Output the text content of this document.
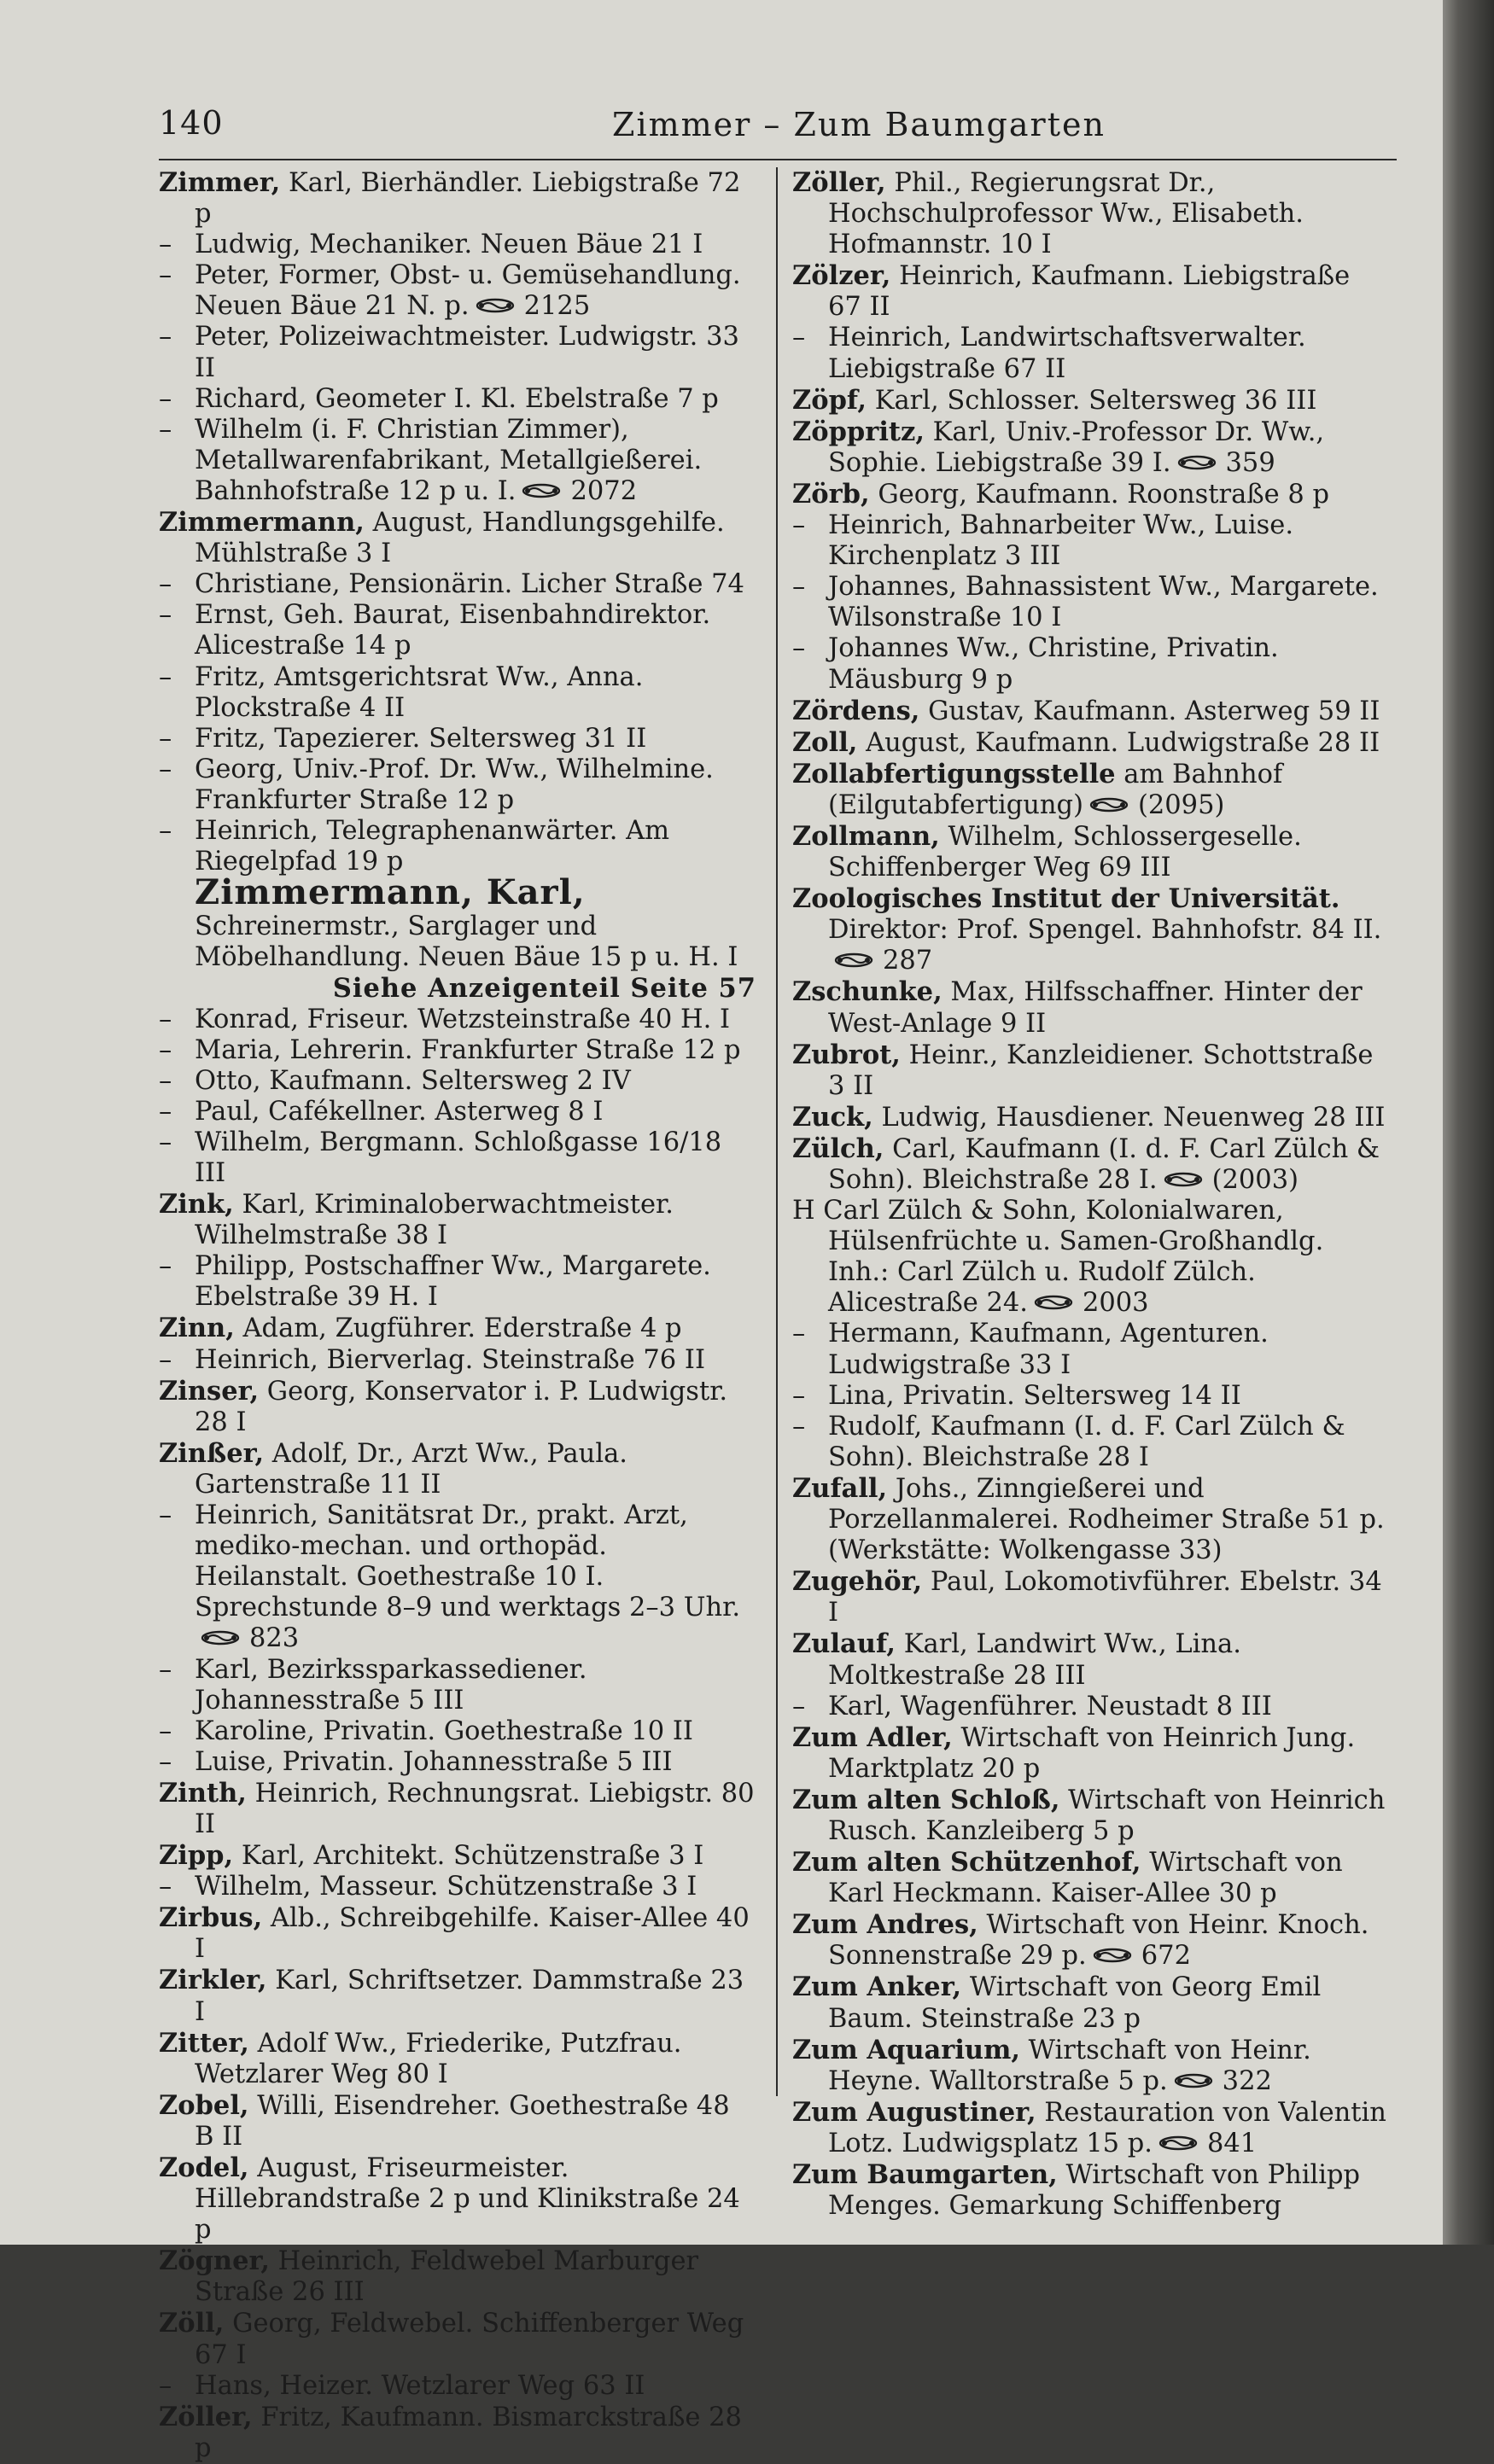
140	Zimmer – Zum Baumgarten

Zimmer, Karl, Bierhändler. Liebigstraße 72 p

– Ludwig, Mechaniker. Neuen Bäue 21 I

– Peter, Former, Obst- u. Gemüsehandlung. Neuen Bäue 21 N. p. 2125

– Peter, Polizeiwachtmeister. Ludwigstr. 33 II

– Richard, Geometer I. Kl. Ebelstraße 7 p

– Wilhelm (i. F. Christian Zimmer), Metallwarenfabrikant, Metallgießerei. Bahnhofstraße 12 p u. I. 2072

Zimmermann, August, Handlungsgehilfe. Mühlstraße 3 I

– Christiane, Pensionärin. Licher Straße 74

– Ernst, Geh. Baurat, Eisenbahndirektor. Alicestraße 14 p

– Fritz, Amtsgerichtsrat Ww., Anna. Plockstraße 4 II

– Fritz, Tapezierer. Seltersweg 31 II

– Georg, Univ.-Prof. Dr. Ww., Wilhelmine. Frankfurter Straße 12 p

– Heinrich, Telegraphenanwärter. Am Riegelpfad 19 p

Zimmermann, Karl, Schreinermstr., Sarglager und Möbelhandlung. Neuen Bäue 15 p u. H. I
Siehe Anzeigenteil Seite 57

– Konrad, Friseur. Wetzsteinstraße 40 H. I

– Maria, Lehrerin. Frankfurter Straße 12 p

– Otto, Kaufmann. Seltersweg 2 IV

– Paul, Cafékellner. Asterweg 8 I

– Wilhelm, Bergmann. Schloßgasse 16/18 III

Zink, Karl, Kriminaloberwachtmeister. Wilhelmstraße 38 I

– Philipp, Postschaffner Ww., Margarete. Ebelstraße 39 H. I

Zinn, Adam, Zugführer. Ederstraße 4 p

– Heinrich, Bierverlag. Steinstraße 76 II

Zinser, Georg, Konservator i. P. Ludwigstr. 28 I

Zinßer, Adolf, Dr., Arzt Ww., Paula. Gartenstraße 11 II

– Heinrich, Sanitätsrat Dr., prakt. Arzt, mediko-mechan. und orthopäd. Heilanstalt. Goethestraße 10 I. Sprechstunde 8–9 und werktags 2–3 Uhr.
823

– Karl, Bezirkssparkassediener. Johannesstraße 5 III

– Karoline, Privatin. Goethestraße 10 II

– Luise, Privatin. Johannesstraße 5 III

Zinth, Heinrich, Rechnungsrat. Liebigstr. 80 II

Zipp, Karl, Architekt. Schützenstraße 3 I

– Wilhelm, Masseur. Schützenstraße 3 I

Zirbus, Alb., Schreibgehilfe. Kaiser-Allee 40 I

Zirkler, Karl, Schriftsetzer. Dammstraße 23 I

Zitter, Adolf Ww., Friederike, Putzfrau. Wetzlarer Weg 80 I

Zobel, Willi, Eisendreher. Goethestraße 48 B II

Zodel, August, Friseurmeister. Hillebrandstraße 2 p und Klinikstraße 24 p

Zögner, Heinrich, Feldwebel Marburger Straße 26 III

Zöll, Georg, Feldwebel. Schiffenberger Weg 67 I

– Hans, Heizer. Wetzlarer Weg 63 II

Zöller, Fritz, Kaufmann. Bismarckstraße 28 p

Zöller, Phil., Regierungsrat Dr., Hochschulprofessor Ww., Elisabeth. Hofmannstr. 10 I

Zölzer, Heinrich, Kaufmann. Liebigstraße 67 II

– Heinrich, Landwirtschaftsverwalter. Liebigstraße 67 II

Zöpf, Karl, Schlosser. Seltersweg 36 III

Zöppritz, Karl, Univ.-Professor Dr. Ww., Sophie. Liebigstraße 39 I. 359

Zörb, Georg, Kaufmann. Roonstraße 8 p

– Heinrich, Bahnarbeiter Ww., Luise. Kirchenplatz 3 III

– Johannes, Bahnassistent Ww., Margarete. Wilsonstraße 10 I

– Johannes Ww., Christine, Privatin. Mäusburg 9 p

Zördens, Gustav, Kaufmann. Asterweg 59 II

Zoll, August, Kaufmann. Ludwigstraße 28 II

Zollabfertigungsstelle am Bahnhof (Eilgutabfertigung) (2095)

Zollmann, Wilhelm, Schlossergeselle. Schiffenberger Weg 69 III

Zoologisches Institut der Universität. Direktor: Prof. Spengel. Bahnhofstr. 84 II.
287

Zschunke, Max, Hilfsschaffner. Hinter der West-Anlage 9 II

Zubrot, Heinr., Kanzleidiener. Schottstraße 3 II

Zuck, Ludwig, Hausdiener. Neuenweg 28 III

Zülch, Carl, Kaufmann (I. d. F. Carl Zülch & Sohn). Bleichstraße 28 I. (2003)

H Carl Zülch & Sohn, Kolonialwaren, Hülsenfrüchte u. Samen-Großhandlg. Inh.: Carl Zülch u. Rudolf Zülch. Alicestraße 24. 2003

– Hermann, Kaufmann, Agenturen. Ludwigstraße 33 I

– Lina, Privatin. Seltersweg 14 II

– Rudolf, Kaufmann (I. d. F. Carl Zülch & Sohn). Bleichstraße 28 I

Zufall, Johs., Zinngießerei und Porzellanmalerei. Rodheimer Straße 51 p. (Werkstätte: Wolkengasse 33)

Zugehör, Paul, Lokomotivführer. Ebelstr. 34 I

Zulauf, Karl, Landwirt Ww., Lina. Moltkestraße 28 III

– Karl, Wagenführer. Neustadt 8 III

Zum Adler, Wirtschaft von Heinrich Jung. Marktplatz 20 p

Zum alten Schloß, Wirtschaft von Heinrich Rusch. Kanzleiberg 5 p

Zum alten Schützenhof, Wirtschaft von Karl Heckmann. Kaiser-Allee 30 p

Zum Andres, Wirtschaft von Heinr. Knoch. Sonnenstraße 29 p. 672

Zum Anker, Wirtschaft von Georg Emil Baum. Steinstraße 23 p

Zum Aquarium, Wirtschaft von Heinr. Heyne. Walltorstraße 5 p. 322

Zum Augustiner, Restauration von Valentin Lotz. Ludwigsplatz 15 p. 841

Zum Baumgarten, Wirtschaft von Philipp Menges. Gemarkung Schiffenberg
